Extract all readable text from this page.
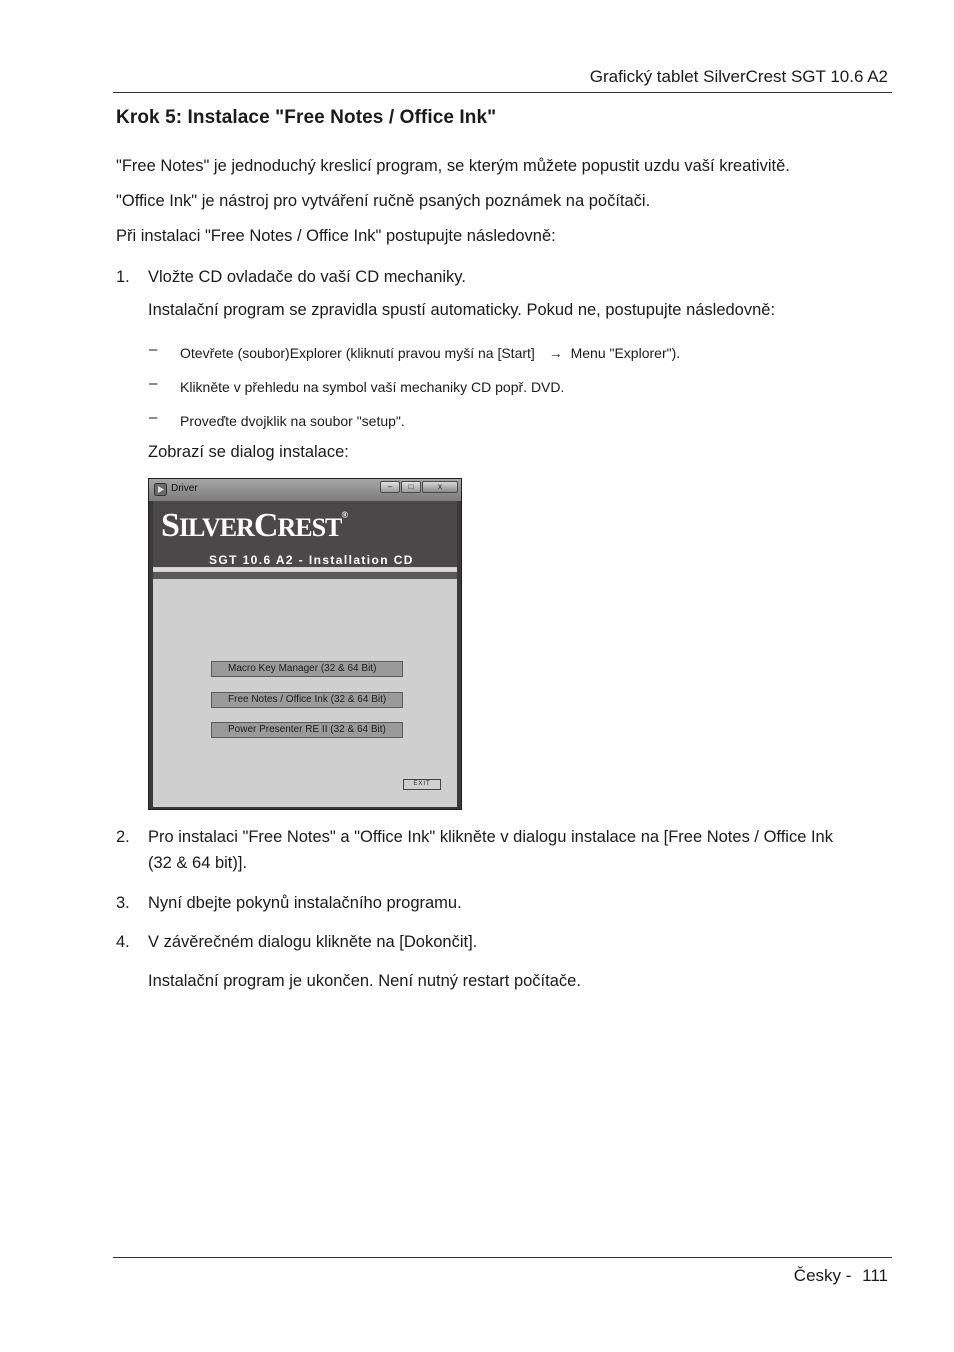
Grafický tablet SilverCrest SGT 10.6 A2
Krok 5: Instalace "Free Notes / Office Ink"
"Free Notes" je jednoduchý kreslicí program, se kterým můžete popustit uzdu vaší kreativitě.
"Office Ink" je nástroj pro vytváření ručně psaných poznámek na počítači.
Při instalaci "Free Notes / Office Ink" postupujte následovně:
1. Vložte CD ovladače do vaší CD mechaniky.
Instalační program se zpravidla spustí automaticky. Pokud ne, postupujte následovně:
– Otevřete (soubor)Explorer (kliknutí pravou myší na [Start] → Menu "Explorer").
– Klikněte v přehledu na symbol vaší mechaniky CD popř. DVD.
– Proveďte dvojklik na soubor "setup".
Zobrazí se dialog instalace:
Driver	–	□	x
SILVERCREST®
SGT 10.6 A2 - Installation CD
Macro Key Manager (32 & 64 Bit)
Free Notes / Office Ink (32 & 64 Bit)
Power Presenter RE II (32 & 64 Bit)
EXIT
2. Pro instalaci "Free Notes" a "Office Ink" klikněte v dialogu instalace na [Free Notes / Office Ink
(32 & 64 bit)].
3. Nyní dbejte pokynů instalačního programu.
4. V závěrečném dialogu klikněte na [Dokončit].
Instalační program je ukončen. Není nutný restart počítače.
Česky - 111
